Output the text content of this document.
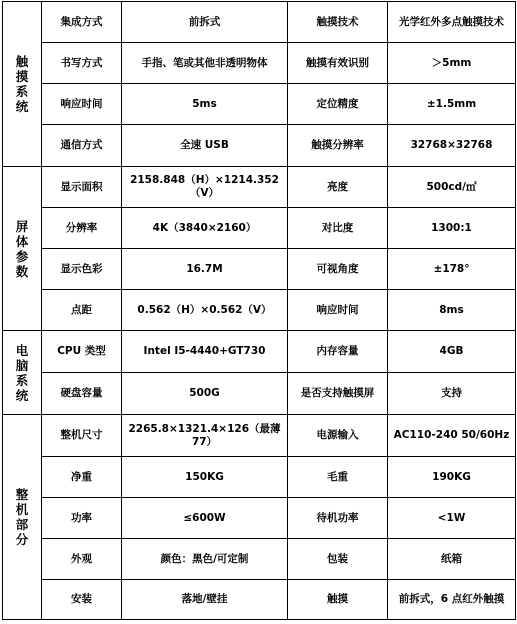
触摸系统	集成方式	前拆式	触摸技术	光学红外多点触摸技术
	书写方式	手指、笔或其他非透明物体	触摸有效识别	＞5mm
	响应时间	5ms	定位精度	±1.5mm
	通信方式	全速 USB	触摸分辨率	32768×32768
屏体参数	显示面积	2158.848（H）×1214.352（V）	亮度	500cd/㎡
	分辨率	4K（3840×2160）	对比度	1300:1
	显示色彩	16.7M	可视角度	±178°
	点距	0.562（H）×0.562（V）	响应时间	8ms
电脑系统	CPU 类型	Intel I5-4440+GT730	内存容量	4GB
	硬盘容量	500G	是否支持触摸屏	支持
整机部分	整机尺寸	2265.8×1321.4×126（最薄 77）	电源输入	AC110-240 50/60Hz
	净重	150KG	毛重	190KG
	功率	≤600W	待机功率	<1W
	外观	颜色：黑色/可定制	包装	纸箱
	安装	落地/壁挂	触摸	前拆式，6 点红外触摸
